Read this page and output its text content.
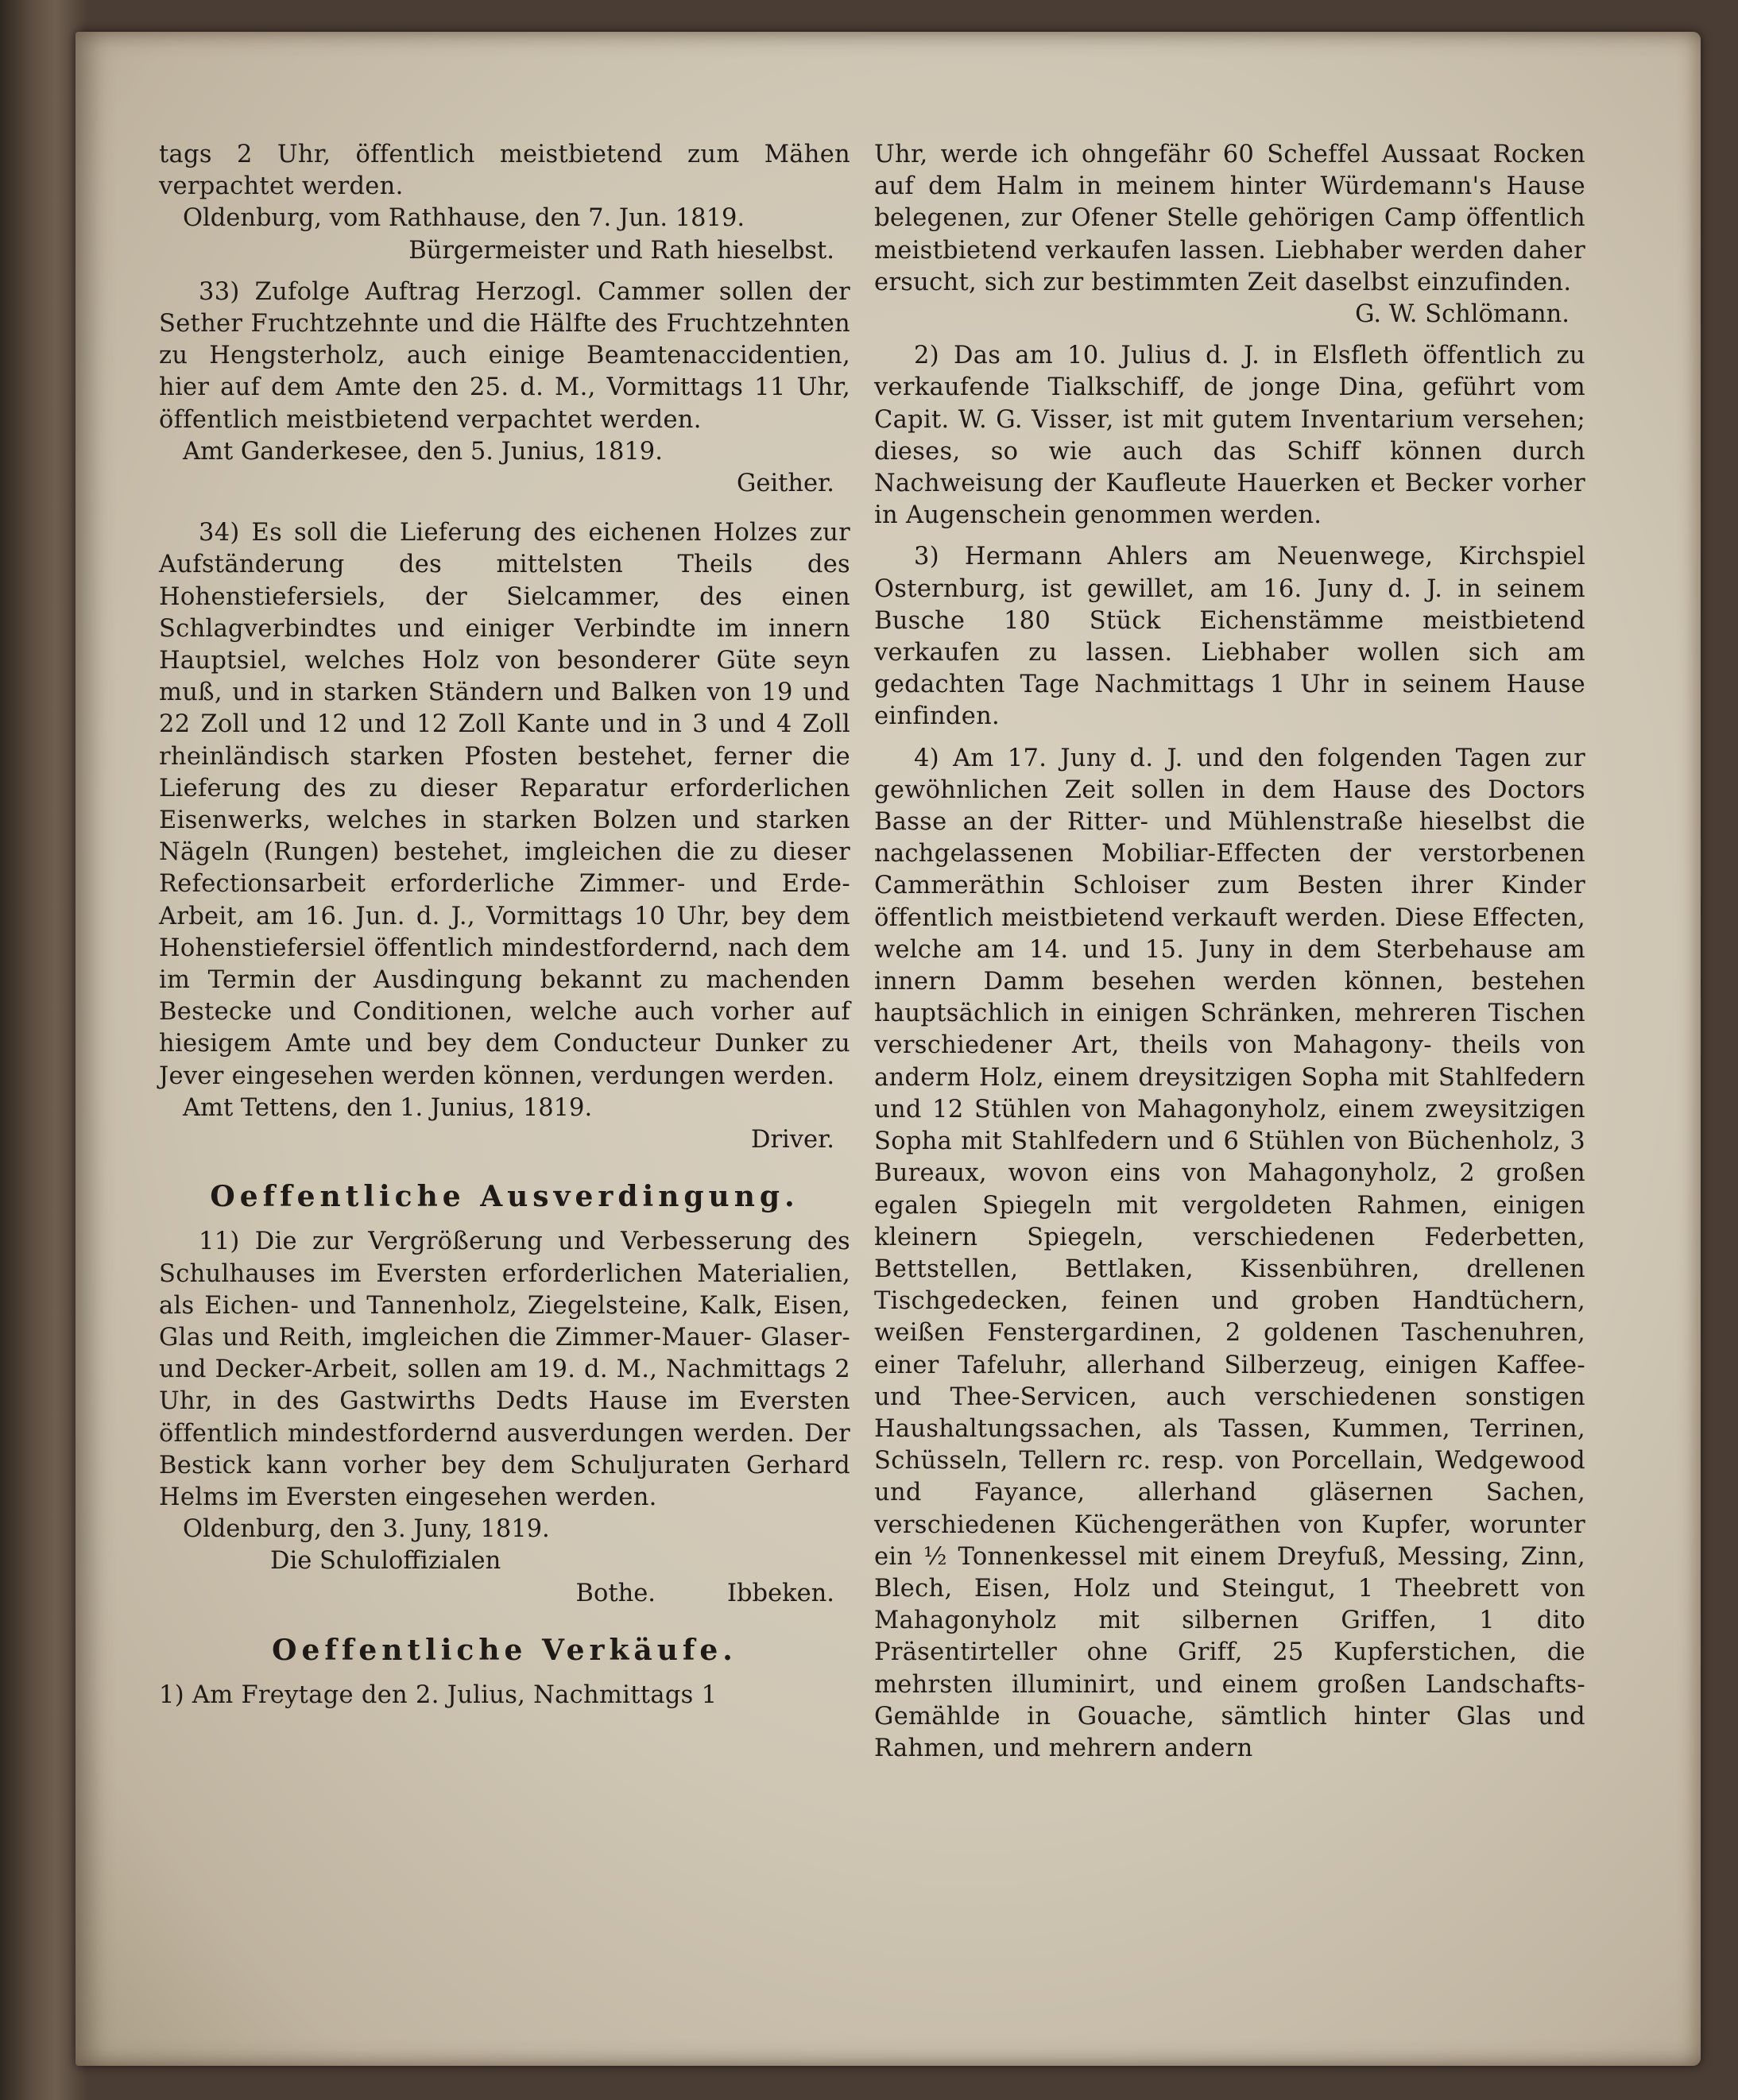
tags 2 Uhr, öffentlich meistbietend zum Mähen verpachtet werden.

Oldenburg, vom Rathhause, den 7. Jun. 1819.

Bürgermeister und Rath hieselbst.

33) Zufolge Auftrag Herzogl. Cammer sollen der Sether Fruchtzehnte und die Hälfte des Fruchtzehnten zu Hengsterholz, auch einige Beamtenaccidentien, hier auf dem Amte den 25. d. M., Vormittags 11 Uhr, öffentlich meistbietend verpachtet werden.

Amt Ganderkesee, den 5. Junius, 1819.

Geither.

34) Es soll die Lieferung des eichenen Holzes zur Aufständerung des mittelsten Theils des Hohenstiefersiels, der Sielcammer, des einen Schlagverbindtes und einiger Verbindte im innern Hauptsiel, welches Holz von besonderer Güte seyn muß, und in starken Ständern und Balken von 19 und 22 Zoll und 12 und 12 Zoll Kante und in 3 und 4 Zoll rheinländisch starken Pfosten bestehet, ferner die Lieferung des zu dieser Reparatur erforderlichen Eisenwerks, welches in starken Bolzen und starken Nägeln (Rungen) bestehet, imgleichen die zu dieser Refectionsarbeit erforderliche Zimmer- und Erde-Arbeit, am 16. Jun. d. J., Vormittags 10 Uhr, bey dem Hohenstiefersiel öffentlich mindestfordernd, nach dem im Termin der Ausdingung bekannt zu machenden Bestecke und Conditionen, welche auch vorher auf hiesigem Amte und bey dem Conducteur Dunker zu Jever eingesehen werden können, verdungen werden.

Amt Tettens, den 1. Junius, 1819.

Driver.

Oeffentliche Ausverdingung.

11) Die zur Vergrößerung und Verbesserung des Schulhauses im Eversten erforderlichen Materialien, als Eichen- und Tannenholz, Ziegelsteine, Kalk, Eisen, Glas und Reith, imgleichen die Zimmer-Mauer- Glaser- und Decker-Arbeit, sollen am 19. d. M., Nachmittags 2 Uhr, in des Gastwirths Dedts Hause im Eversten öffentlich mindestfordernd ausverdungen werden. Der Bestick kann vorher bey dem Schuljuraten Gerhard Helms im Eversten eingesehen werden.

Oldenburg, den 3. Juny, 1819.

Die Schuloffizialen

Bothe.	Ibbeken.

Oeffentliche Verkäufe.

1) Am Freytage den 2. Julius, Nachmittags 1

Uhr, werde ich ohngefähr 60 Scheffel Aussaat Rocken auf dem Halm in meinem hinter Würdemann's Hause belegenen, zur Ofener Stelle gehörigen Camp öffentlich meistbietend verkaufen lassen. Liebhaber werden daher ersucht, sich zur bestimmten Zeit daselbst einzufinden.

G. W. Schlömann.

2) Das am 10. Julius d. J. in Elsfleth öffentlich zu verkaufende Tialkschiff, de jonge Dina, geführt vom Capit. W. G. Visser, ist mit gutem Inventarium versehen; dieses, so wie auch das Schiff können durch Nachweisung der Kaufleute Hauerken et Becker vorher in Augenschein genommen werden.

3) Hermann Ahlers am Neuenwege, Kirchspiel Osternburg, ist gewillet, am 16. Juny d. J. in seinem Busche 180 Stück Eichenstämme meistbietend verkaufen zu lassen. Liebhaber wollen sich am gedachten Tage Nachmittags 1 Uhr in seinem Hause einfinden.

4) Am 17. Juny d. J. und den folgenden Tagen zur gewöhnlichen Zeit sollen in dem Hause des Doctors Basse an der Ritter- und Mühlenstraße hieselbst die nachgelassenen Mobiliar-Effecten der verstorbenen Cammeräthin Schloiser zum Besten ihrer Kinder öffentlich meistbietend verkauft werden. Diese Effecten, welche am 14. und 15. Juny in dem Sterbehause am innern Damm besehen werden können, bestehen hauptsächlich in einigen Schränken, mehreren Tischen verschiedener Art, theils von Mahagony- theils von anderm Holz, einem dreysitzigen Sopha mit Stahlfedern und 12 Stühlen von Mahagonyholz, einem zweysitzigen Sopha mit Stahlfedern und 6 Stühlen von Büchenholz, 3 Bureaux, wovon eins von Mahagonyholz, 2 großen egalen Spiegeln mit vergoldeten Rahmen, einigen kleinern Spiegeln, verschiedenen Federbetten, Bettstellen, Bettlaken, Kissenbühren, drellenen Tischgedecken, feinen und groben Handtüchern, weißen Fenstergardinen, 2 goldenen Taschenuhren, einer Tafeluhr, allerhand Silberzeug, einigen Kaffee- und Thee-Servicen, auch verschiedenen sonstigen Haushaltungssachen, als Tassen, Kummen, Terrinen, Schüsseln, Tellern rc. resp. von Porcellain, Wedgewood und Fayance, allerhand gläsernen Sachen, verschiedenen Küchengeräthen von Kupfer, worunter ein ½ Tonnenkessel mit einem Dreyfuß, Messing, Zinn, Blech, Eisen, Holz und Steingut, 1 Theebrett von Mahagonyholz mit silbernen Griffen, 1 dito Präsentirteller ohne Griff, 25 Kupferstichen, die mehrsten illuminirt, und einem großen Landschafts-Gemählde in Gouache, sämtlich hinter Glas und Rahmen, und mehrern andern
